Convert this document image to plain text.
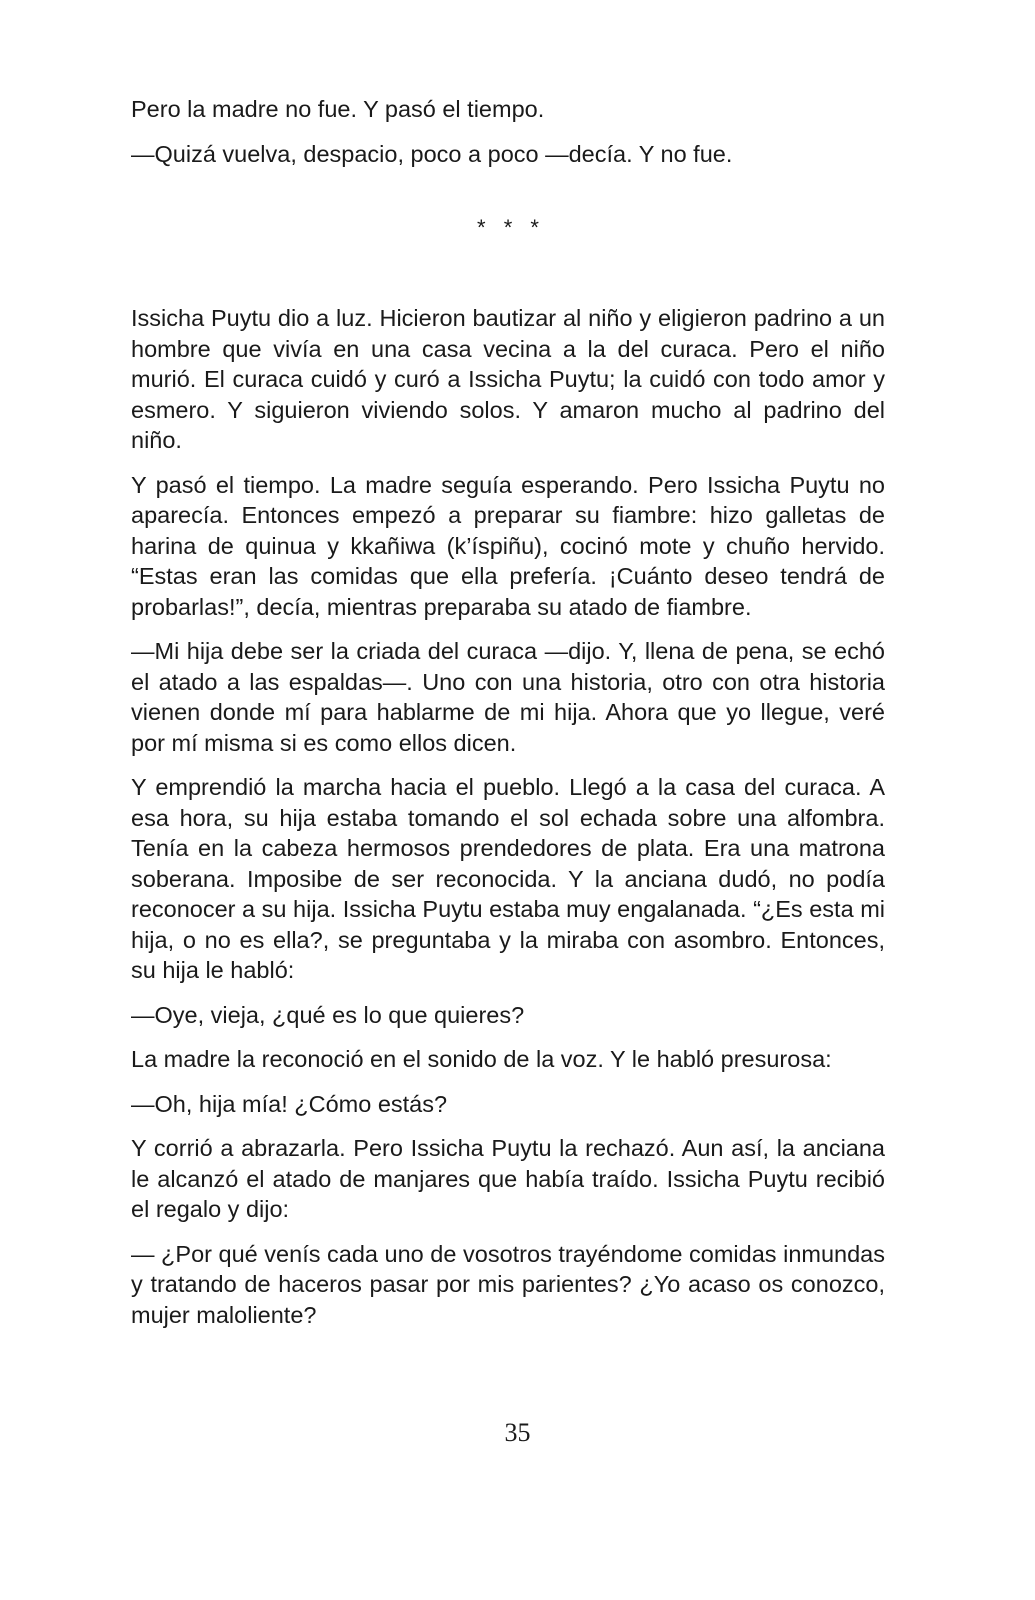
Pero la madre no fue. Y pasó el tiempo.

—Quizá vuelva, despacio, poco a poco —decía. Y no fue.

* * *

Issicha Puytu dio a luz. Hicieron bautizar al niño y eligieron padrino a un hombre que vivía en una casa vecina a la del curaca. Pero el niño murió. El curaca cuidó y curó a Issicha Puytu; la cuidó con todo amor y esmero. Y siguieron viviendo solos. Y amaron mucho al padrino del niño.

Y pasó el tiempo. La madre seguía esperando. Pero Issicha Puytu no aparecía. Entonces empezó a preparar su fiambre: hizo galletas de harina de quinua y kkañiwa (k’íspiñu), cocinó mote y chuño hervido. “Estas eran las comidas que ella prefería. ¡Cuánto deseo tendrá de probarlas!”, decía, mientras preparaba su atado de fiambre.

—Mi hija debe ser la criada del curaca —dijo. Y, llena de pena, se echó el atado a las espaldas—. Uno con una historia, otro con otra historia vienen donde mí para hablarme de mi hija. Ahora que yo llegue, veré por mí misma si es como ellos dicen.

Y emprendió la marcha hacia el pueblo. Llegó a la casa del curaca. A esa hora, su hija estaba tomando el sol echada sobre una alfombra. Tenía en la cabeza hermosos prendedores de plata. Era una matrona soberana. Imposibe de ser reconocida. Y la anciana dudó, no podía reconocer a su hija. Issicha Puytu estaba muy engalanada. “¿Es esta mi hija, o no es ella?, se preguntaba y la miraba con asombro. Entonces, su hija le habló:

—Oye, vieja, ¿qué es lo que quieres?

La madre la reconoció en el sonido de la voz. Y le habló presurosa:

—Oh, hija mía! ¿Cómo estás?

Y corrió a abrazarla. Pero Issicha Puytu la rechazó. Aun así, la anciana le alcanzó el atado de manjares que había traído. Issicha Puytu recibió el regalo y dijo:

— ¿Por qué venís cada uno de vosotros trayéndome comidas inmundas y tratando de haceros pasar por mis parientes? ¿Yo acaso os conozco, mujer maloliente?

35
